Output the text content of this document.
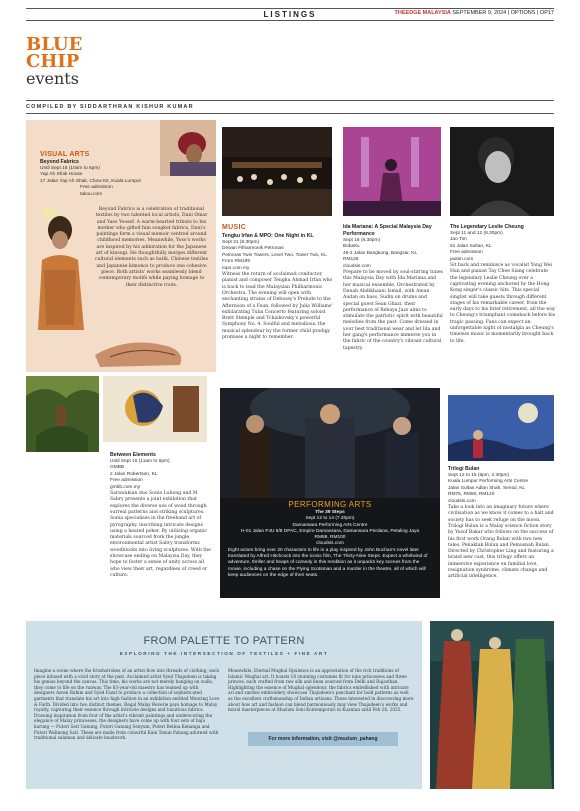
LISTINGS	THEEDGE MALAYSIA SEPTEMBER 9, 2024 | OPTIONS | OP17
BLUE
CHIP
events
COMPILED BY SIDDARTHRAN KISHUR KUMAR
VISUAL ARTS
Beyond Fabrics
Until Sept 16 (10am to 6pm)
Yap Ah Shak House
17 Jalan Yap Ah Shak, Chow Kit, Kuala Lumpur
Free admission
takou.com
Beyond Fabrics is a celebration of traditional textiles by two talented local artists, Dani Omar and Yaso Yoosef. A warm-hearted tribute to his mother who gifted him songket fabrics, Dani's paintings form a visual memoir centred around childhood memories. Meanwhile, Yoso's works are inspired by his admiration for the Japanese art of kinsugi. He thoughtfully merges different cultural elements such as batik, Chinese textiles and Japanese kimonos to produce one cohesive piece. Both artists' works seamlessly blend contemporary motifs while paying homage to their distinctive roots.
MUSIC
Tengku Irfan & MPO: One Night in KL
Sept 21 (8.30pm)
Dewan Filharmonik Petronas
Petronas Twin Towers, Level Two, Tower Two, KL
From RM199
mpo.com.my
Witness the return of acclaimed conductor, pianist and composer Tengku Ahmad Irfan who is back to lead the Malaysian Philharmonic Orchestra. The evening will open with enchanting strains of Debussy's Prelude to the Afternoon of a Faun, followed by Julia Williams' exhilarating Tuba Concerto featuring soloist Brett Stemple and Tchaikovsky's powerful Symphony No. 4. Soulful and melodious, the musical splendour by the former child prodigy promises a night to remember.
Ida Mariana: A Special Malaysia Day Performance
Sept 16 (8.30pm)
BobaKL
45-2 Jalan Bangkung, Bangsar, KL
RM125
cloudsis.com
Prepare to be moved by soul-stirring tunes this Malaysia Day with Ida Mariana and her musical ensemble. Orchestrated by Danah Abdikhaani Ismail, with Aman Audan on bass, Sudin on drums and special guest Sean Ghazi, their performance of Rebaya Jazz aims to stimulate the patriotic spirit with beautiful melodies from the past. Come dressed in your best traditional wear and let Ida and her gang's performance immerse you in the fabric of the country's vibrant cultural tapestry.
The Legendary Leslie Cheung
Sept 11 and 12 (8.30pm)
Jao Tim
61 Jalan Sultan, KL
Free admission
jaotim.com
Sit back and reminisce as vocalist Yang Wei Han and pianist Tay Chee Siang celebrate the legendary Leslie Cheung over a captivating evening anchored by the Hong Kong singer's classic hits. This special singlist will take guests through different stages of his remarkable career, from the early days to his brief retirement, all the way to Cheung's triumphant comeback before his tragic passing. Fans can expect an unforgettable night of nostalgia as Cheung's timeless music is momentarily brought back to life.
Between Elements
Until Sept 16 (11am to 6pm)
GMBB
2 Jalan Robertson, KL
Free admission
gmbb.com.my
Sarawakian duo Sonia Luhong and M Sabry presents a joint exhibition that explores the diverse use of wood through surreal patterns and striking sculptures. Sonia specialises in the freehand art of pyrography, inscribing intricate designs using a heated poker. By utilising organic materials sourced from the jungle, environmental artist Sabry transforms woodblocks into living sculptures. With the showcase ending on Malaysia Day, they hope to foster a sense of unity across all who view their art, regardless of creed or culture.
PERFORMING ARTS
The 39 Steps
Sept 12 to 14 (7.30pm)
Damansara Performing Arts Centre
H-01 Jalan PJU 8/8 DPAC, Empire Damansara, Damansara Perdana, Petaling Jaya
RM88, RM100
cloudsis.com
Eight actors bring over 20 characters to life in a play inspired by John Buchan's novel later translated by Alfred Hitchcock into the iconic film, The Thirty-Nine Steps. Expect a whirlwind of adventure, thriller and heaps of comedy in this rendition as it unpacks key scenes from the movie, including a chase on the Flying Scotsman and a murder in the theatre, all of which will keep audiences on the edge of their seats.
Trilogi Bulan
Sept 12 to 15 (8pm, 2.30pm)
Kuala Lumpur Performing Arts Centre
Jalan Sultan Adlan Shah, Sentul, KL
RM75, RM90, RM120
cloudsis.com
Take a look into an imaginary future where civilisation as we know it comes to a halt and society has to seek refuge on the moon. Trilogi Bulan is a Malay science fiction story by Yusof Bakar who follows on the success of his first work Orang Bulan with two new tales, Penakluk Bulan and Pemusnah Bulan. Directed by Christopher Ling and featuring a brand new cast, this trilogy offers an immersive experience on familial love, resignation syndrome, climate change and artificial intelligence.
FROM PALETTE TO PATTERN
EXPLORING THE INTERSECTION OF TEXTILES + FINE ART
Imagine a scene where the brushstrokes of an artist flow into threads of clothing, each piece infused with a vivid story of the past. Acclaimed artist Syed Thajudeen is taking his genius beyond the canvas. This time, his works are not merely hanging on walls; they come to life on the runway. The 83-year-old maestro has teamed up with designers Azren Rahim and Syed Fazal to produce a collection of sophisticated garments that translate his art into high fashion in an exhibition entitled Weaving Love & Faith. Divided into two distinct themes, Regal Malay Reverie pays homage to Malay royalty, capturing their essence through intricate designs and luxurious fabrics. Drawing inspiration from four of the artist's vibrant paintings and underscoring the elegance of Malay princesses, the designers have come up with four sets of baju kurung — Puteri Seri Gunung, Puteri Gunung Senyum, Puteri Betina Kenanga and Puteri Walinong Sari. These are made from colourful Kain Tenun Pahang adorned with traditional sulaman and delicate beadwork.
Meanwhile, Eternal Mughal Opulence is an appreciation of the rich traditions of Islamic Mughal art. It boasts 18 stunning costumes fit for nine princesses and three princes, each crafted from raw silk and linen sourced from Delhi and Rajasthan. Highlighting the essence of Mughal splendour, the fabrics embellished with intricate ari and zardosi embroidery showcase Thajudeen's penchant for bold patterns as well as the excellent craftsmanship of Indian artisans. Those interested in discovering more about how art and fashion can blend harmoniously may view Thajudeen's works and mural masterpieces at Muzium Seni Kontemporari in Kuantan until Feb 28, 2025.
For more information, visit @muzium_pahang
